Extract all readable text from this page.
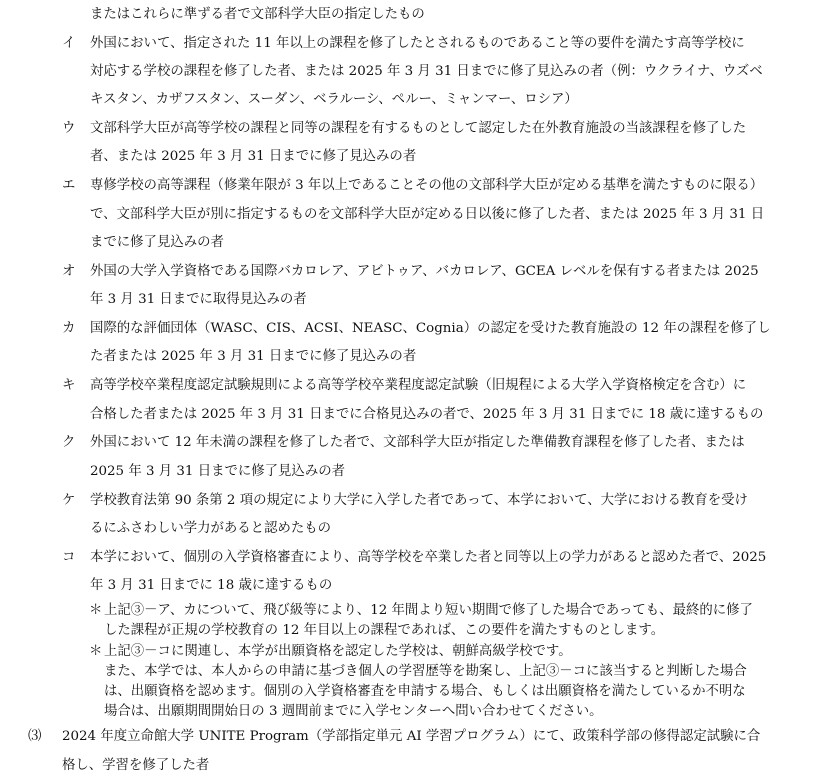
またはこれらに準ずる者で文部科学大臣の指定したもの
イ 外国において、指定された 11 年以上の課程を修了したとされるものであること等の要件を満たす高等学校に
対応する学校の課程を修了した者、または 2025 年 3 月 31 日までに修了見込みの者（例：ウクライナ、ウズベ
キスタン、カザフスタン、スーダン、ベラルーシ、ペルー、ミャンマー、ロシア）
ウ 文部科学大臣が高等学校の課程と同等の課程を有するものとして認定した在外教育施設の当該課程を修了した
者、または 2025 年 3 月 31 日までに修了見込みの者
エ 専修学校の高等課程（修業年限が 3 年以上であることその他の文部科学大臣が定める基準を満たすものに限る）
で、文部科学大臣が別に指定するものを文部科学大臣が定める日以後に修了した者、または 2025 年 3 月 31 日
までに修了見込みの者
オ 外国の大学入学資格である国際バカロレア、アビトゥア、バカロレア、GCEA レベルを保有する者または 2025
年 3 月 31 日までに取得見込みの者
カ 国際的な評価団体（WASC、CIS、ACSI、NEASC、Cognia）の認定を受けた教育施設の 12 年の課程を修了し
た者または 2025 年 3 月 31 日までに修了見込みの者
キ 高等学校卒業程度認定試験規則による高等学校卒業程度認定試験（旧規程による大学入学資格検定を含む）に
合格した者または 2025 年 3 月 31 日までに合格見込みの者で、2025 年 3 月 31 日までに 18 歳に達するもの
ク 外国において 12 年未満の課程を修了した者で、文部科学大臣が指定した準備教育課程を修了した者、または
2025 年 3 月 31 日までに修了見込みの者
ケ 学校教育法第 90 条第 2 項の規定により大学に入学した者であって、本学において、大学における教育を受け
るにふさわしい学力があると認めたもの
コ 本学において、個別の入学資格審査により、高等学校を卒業した者と同等以上の学力があると認めた者で、2025
年 3 月 31 日までに 18 歳に達するもの
＊ 上記③－ア、カについて、飛び級等により、12 年間より短い期間で修了した場合であっても、最終的に修了
した課程が正規の学校教育の 12 年目以上の課程であれば、この要件を満たすものとします。
＊ 上記③－コに関連し、本学が出願資格を認定した学校は、朝鮮高級学校です。
また、本学では、本人からの申請に基づき個人の学習歴等を勘案し、上記③－コに該当すると判断した場合
は、出願資格を認めます。個別の入学資格審査を申請する場合、もしくは出願資格を満たしているか不明な
場合は、出願期間開始日の 3 週間前までに入学センターへ問い合わせてください。
⑶ 2024 年度立命館大学 UNITE Program（学部指定単元 AI 学習プログラム）にて、政策科学部の修得認定試験に合
格し、学習を修了した者
